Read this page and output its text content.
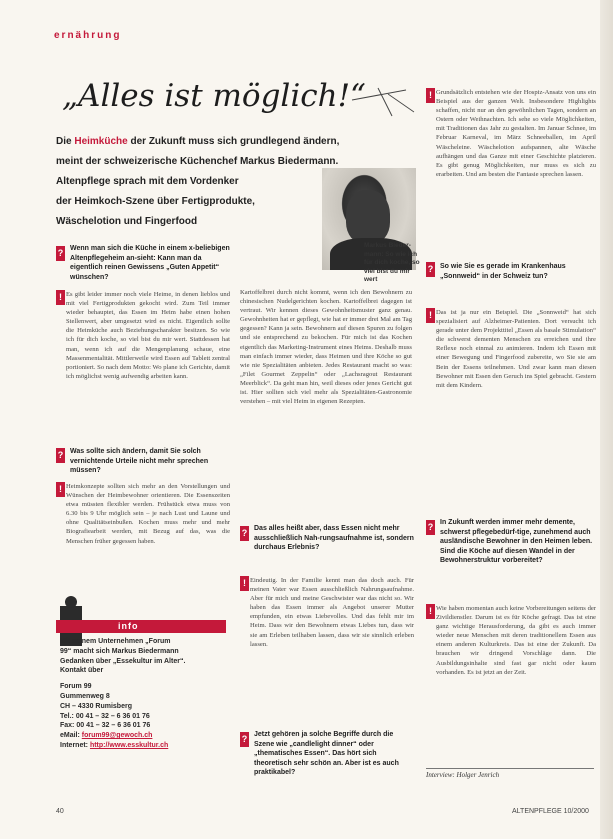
ernährung
„Alles ist möglich!“
Die Heimküche der Zukunft muss sich grundlegend ändern,
meint der schweizerische Küchenchef Markus Biedermann.
Altenpflege sprach mit dem Vordenker
der Heimkoch-Szene über Fertigprodukte,
Wäschelotion und Fingerfood
Markus Bieder-mann: So wie ich für dich koche, so viel bist du mir wert
? Wenn man sich die Küche in einem x-beliebigen Altenpflegeheim an-sieht: Kann man da eigentlich reinen Gewissens „Guten Appetit“ wünschen?
! Es gibt leider immer noch viele Heime, in denen lieblos und mit viel Fertigprodukten gekocht wird. Zum Teil immer wieder behauptet, das Essen im Heim habe einen hohen Stellenwert, aber umgesetzt wird es nicht. Eigentlich sollte die Heimküche auch Beziehungscharakter besitzen. So wie ich für dich koche, so viel bist du mir wert. Stattdessen hat man, wenn ich auf die Mengenplanung schaue, eine Massenmentalität. Mittlerweile wird Essen auf Tablett zentral portioniert. So nach dem Motto: Wo plane ich Gerichte, damit ich möglichst wenig aufwendig arbeiten kann.
? Was sollte sich ändern, damit Sie solch vernichtende Urteile nicht mehr sprechen müssen?
! Heimkonzepte sollten sich mehr an den Vorstellungen und Wünschen der Heimbewohner orientieren. Die Essenszeiten etwa müssten flexibler werden. Frühstück etwa muss von 6.30 bis 9 Uhr möglich sein – je nach Lust und Laune und ohne Qualitätseinbußen. Kochen muss mehr und mehr Biografiearbeit werden, mit Bezug auf das, was die Menschen früher gegessen haben.
info
Mit seinem Unternehmen „Forum
99“ macht sich Markus Biedermann
Gedanken über „Essekultur im Alter“.
Kontakt über
Forum 99
Gummenweg 8
CH – 4330 Rumisberg
Tel.: 00 41 – 32 – 6 36 01 76
Fax: 00 41 – 32 – 6 36 01 76
eMail: forum99@gewoch.ch
Internet: http://www.esskultur.ch
Kartoffelbrei durch nicht kommt, wenn ich den Bewohnern zu chinesischen Nudelgerichten kochen. Kartoffelbrei dagegen ist vertraut. Wir kennen dieses Gewohnheitsmuster ganz genau. Gewohnheiten hat er gepflegt, wie hat er immer drei Mal am Tag gegessen? Kann ja sein. Bewohnern auf diesen Spuren zu folgen und sie entsprechend zu bekochen. Für mich ist das Kochen eigentlich das Marketing-Instrument eines Heims. Deshalb muss man einfach immer wieder, dass Heimen und ihre Köche so gut wie nie Spezialitäten anbieten. Jedes Restaurant macht so was: „Filet Gourmet Zeppelin“ oder „Lachsragout Restaurant Meerblick“. Da geht man hin, weil dieses oder jenes Gericht gut ist. Hier sollten sich viel mehr als Spezialitäten-Gastronomie verstehen – mit viel Heim in eigenen Rezepten.
? Das alles heißt aber, dass Essen nicht mehr ausschließlich Nah-rungsaufnahme ist, sondern durchaus Erlebnis?
! Eindeutig. In der Familie kennt man das doch auch. Für meinen Vater war Essen ausschließlich Nahrungsaufnahme. Aber für mich und meine Geschwister war das nicht so. Wir haben das Essen immer als Angebot unserer Mutter empfunden, ein etwas Liebevolles. Und das fehlt mir im Heim. Dass wir den Bewohnern etwas Liebes tun, dass wir sie am Erleben teilhaben lassen, dass wir sie sinnlich erleben lassen.
? Jetzt gehören ja solche Begriffe durch die Szene wie „candlelight dinner“ oder „thematisches Essen“. Das hört sich theoretisch sehr schön an. Aber ist es auch praktikabel?
! Grundsätzlich entstehen wie der Hospiz-Ansatz von uns ein Beispiel aus der ganzen Welt. Insbesondere Highlights schaffen, nicht nur an den gewöhnlichen Tagen, sondern an Ostern oder Weihnachten. Ich sehe so viele Möglichkeiten, mit Traditionen das Jahr zu gestalten. Im Januar Schnee, im Februar Karneval, im März Schneeballen, im April Wäscheleine. Wäschelotion aufspannen, alte Wäsche aufhängen und das Ganze mit einer Geschichte platzieren. Es gibt genug Möglichkeiten, nur muss es sich zu erarbeiten. Und am besten die Fantasie sprechen lassen.
? So wie Sie es gerade im Krankenhaus „Sonnweid“ in der Schweiz tun?
! Das ist ja nur ein Beispiel. Die „Sonnweid“ hat sich spezialisiert auf Alzheimer-Patienten. Dort versucht ich gerade unter dem Projekttitel „Essen als basale Stimulation“ die schwerst dementen Menschen zu erreichen und ihre Reflexe noch einmal zu animieren. Indem ich Essen mit einer Bewegung und Fingerfood zubereite, wo Sie sie am Bein der Essens teilnehmen. Und zwar kann man diesen Bewohner mit Essen den Geruch ins Spiel gebracht. Gestern mit dem Kindern.
? In Zukunft werden immer mehr demente, schwerst pflegebedürf-tige, zunehmend auch ausländische Bewohner in den Heimen leben. Sind die Köche auf diesen Wandel in der Bewohnerstruktur vorbereitet?
! Wie haben momentan auch keine Vorbereitungen seitens der Zivildienstler. Darum ist es für Köche gefragt. Das ist eine ganz wichtige Herausforderung, da gibt es auch immer wieder neue Menschen mit deren traditionellem Essen aus einem anderen Kulturkreis. Das ist eine der Zukunft. Da brauchen wir dringend Vorschläge dann. Die Ausbildungsinhalte sind fast gar nicht oder kaum vorhanden. Es ist jetzt an der Zeit.
Interview: Holger Jenrich
40	ALTENPFLEGE 10/2000
